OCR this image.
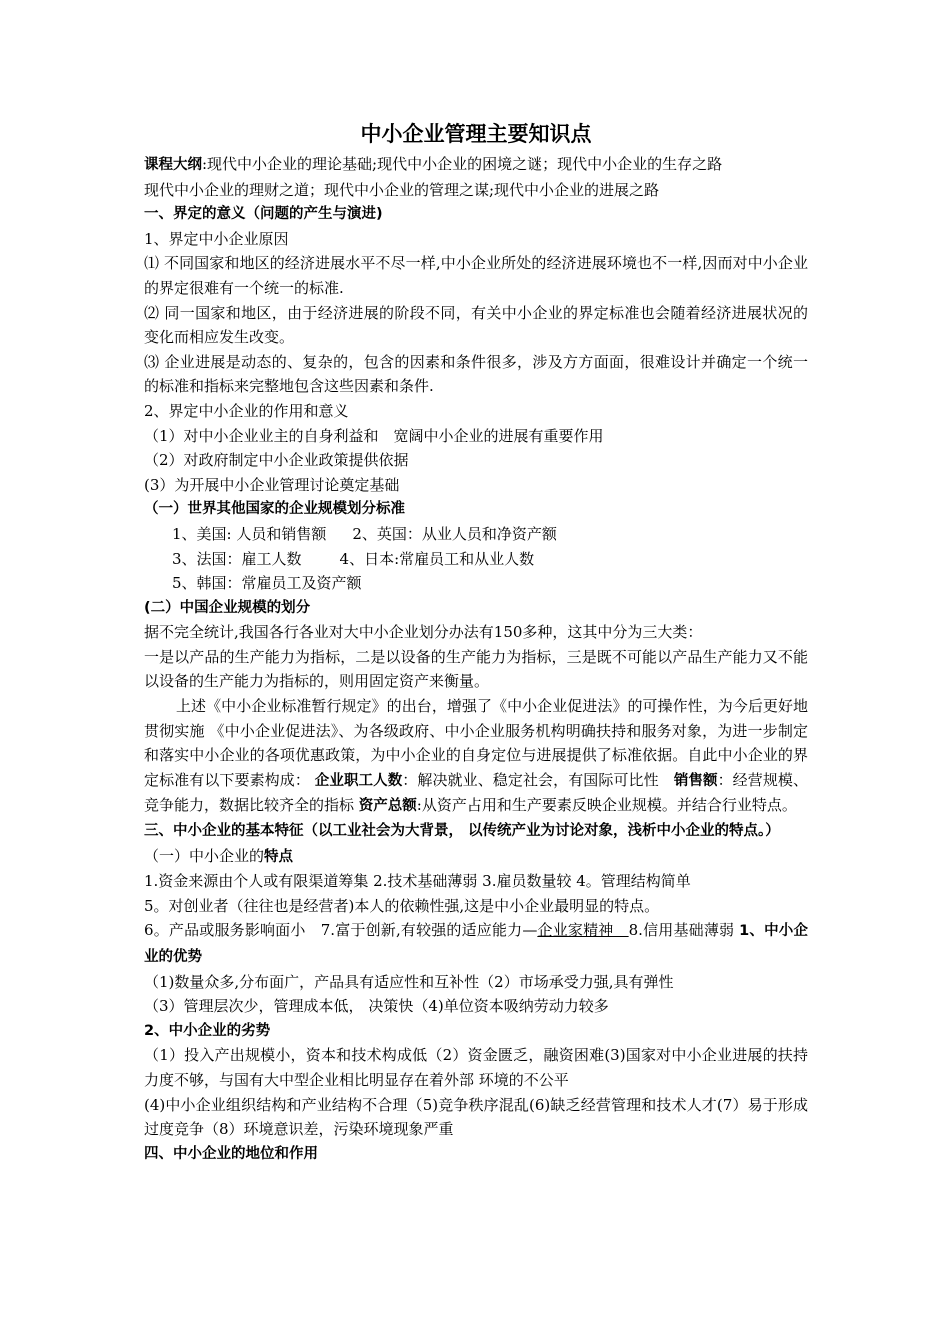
中小企业管理主要知识点

课程大纲:现代中小企业的理论基础;现代中小企业的困境之谜；现代中小企业的生存之路

现代中小企业的理财之道；现代中小企业的管理之谋;现代中小企业的进展之路

一、界定的意义（问题的产生与演进)

1、界定中小企业原因

⑴ 不同国家和地区的经济进展水平不尽一样,中小企业所处的经济进展环境也不一样,因而对中小企业的界定很难有一个统一的标准.

⑵ 同一国家和地区，由于经济进展的阶段不同，有关中小企业的界定标准也会随着经济进展状况的变化而相应发生改变。

⑶ 企业进展是动态的、复杂的，包含的因素和条件很多，涉及方方面面，很难设计并确定一个统一的标准和指标来完整地包含这些因素和条件.

2、界定中小企业的作用和意义

（1）对中小企业业主的自身利益和　宽阔中小企业的进展有重要作用

（2）对政府制定中小企业政策提供依据

(3）为开展中小企业管理讨论奠定基础

（一）世界其他国家的企业规模划分标准

1、美国: 人员和销售额 2、英国：从业人员和净资产额

3、法国：雇工人数	4、日本:常雇员工和从业人数

5、韩国：常雇员工及资产额

(二）中国企业规模的划分

据不完全统计,我国各行各业对大中小企业划分办法有150多种，这其中分为三大类：

一是以产品的生产能力为指标，二是以设备的生产能力为指标，三是既不可能以产品生产能力又不能以设备的生产能力为指标的，则用固定资产来衡量。

上述《中小企业标准暂行规定》的出台，增强了《中小企业促进法》的可操作性，为今后更好地贯彻实施 《中小企业促进法》、为各级政府、中小企业服务机构明确扶持和服务对象，为进一步制定和落实中小企业的各项优惠政策，为中小企业的自身定位与进展提供了标准依据。自此中小企业的界定标准有以下要素构成： 企业职工人数：解决就业、稳定社会，有国际可比性　销售额：经营规模、竞争能力，数据比较齐全的指标 资产总额:从资产占用和生产要素反映企业规模。并结合行业特点。

三、中小企业的基本特征（以工业社会为大背景， 以传统产业为讨论对象，浅析中小企业的特点。）

（一）中小企业的特点

1.资金来源由个人或有限渠道筹集 2.技术基础薄弱 3.雇员数量较 4。管理结构简单

5。对创业者（往往也是经营者)本人的依赖性强,这是中小企业最明显的特点。

6。产品或服务影响面小　7.富于创新,有较强的适应能力—企业家精神　8.信用基础薄弱 1、中小企业的优势

（1)数量众多,分布面广，产品具有适应性和互补性（2）市场承受力强,具有弹性

（3）管理层次少，管理成本低， 决策快（4)单位资本吸纳劳动力较多

2、中小企业的劣势

（1）投入产出规模小，资本和技术构成低（2）资金匮乏，融资困难(3)国家对中小企业进展的扶持力度不够，与国有大中型企业相比明显存在着外部 环境的不公平

(4)中小企业组织结构和产业结构不合理（5)竞争秩序混乱(6)缺乏经营管理和技术人才(7）易于形成过度竞争（8）环境意识差，污染环境现象严重

四、中小企业的地位和作用
